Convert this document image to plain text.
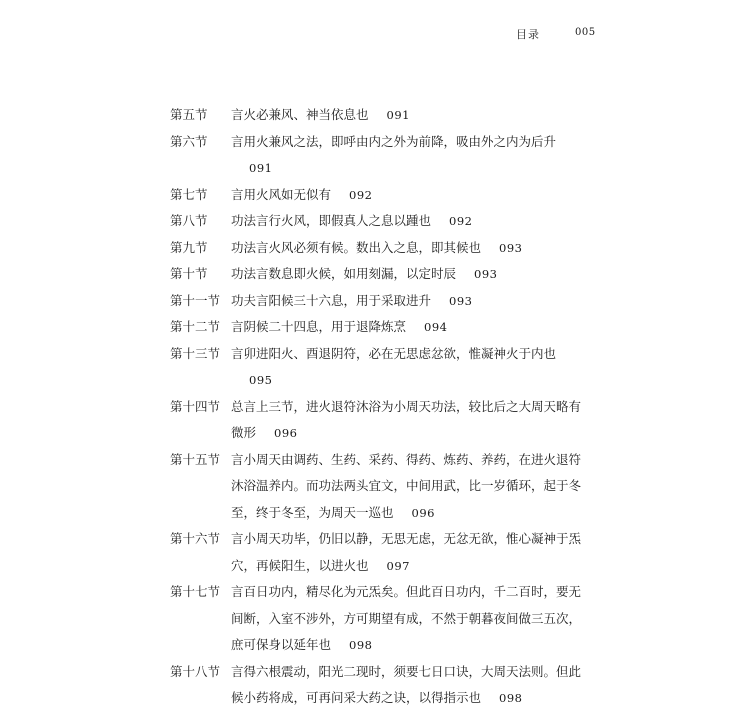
目录	005
第五节 言火必兼风、神当依息也 091
第六节 言用火兼风之法，即呼由内之外为前降，吸由外之内为后升091
第七节 言用火风如无似有 092
第八节 功法言行火风，即假真人之息以踵也 092
第九节 功法言火风必须有候。数出入之息，即其候也 093
第十节 功法言数息即火候，如用刻漏，以定时辰 093
第十一节 功夫言阳候三十六息，用于采取进升 093
第十二节 言阴候二十四息，用于退降炼烹 094
第十三节 言卯进阳火、酉退阴符，必在无思虑忿欲，惟凝神火于内也095
第十四节 总言上三节，进火退符沐浴为小周天功法，较比后之大周天略有微形 096
第十五节 言小周天由调药、生药、采药、得药、炼药、养药，在进火退符沐浴温养内。而功法两头宜文，中间用武，比一岁循环，起于冬至，终于冬至，为周天一巡也 096
第十六节 言小周天功毕，仍旧以静，无思无虑，无忿无欲，惟心凝神于炁穴，再候阳生，以进火也 097
第十七节 言百日功内，精尽化为元炁矣。但此百日功内，千二百时，要无间断，入室不涉外，方可期望有成，不然于朝暮夜间做三五次，庶可保身以延年也 098
第十八节 言得六根震动，阳光二现时，须要七日口诀，大周天法则。但此候小药将成，可再问采大药之诀，以得指示也 098
